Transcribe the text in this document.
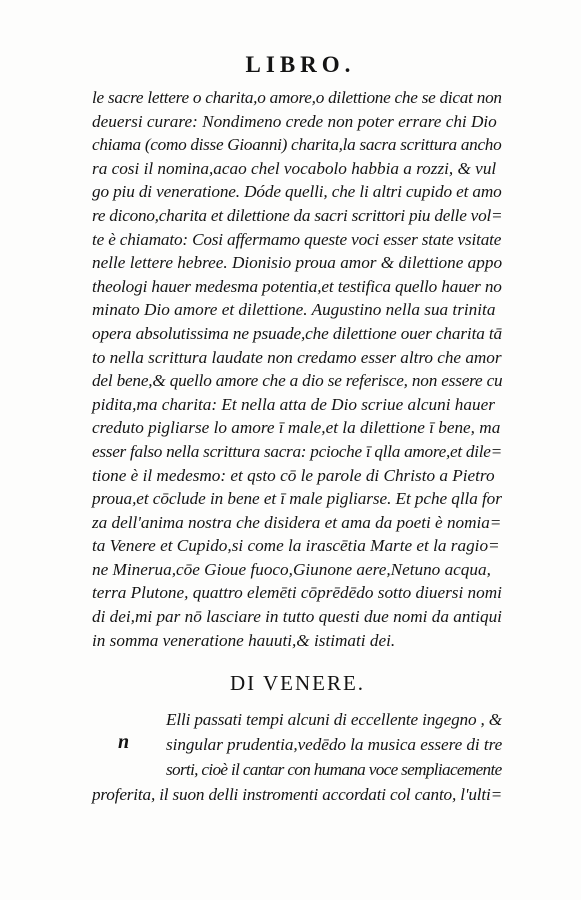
LIBRO.
le sacre lettere o charita,o amore,o dilettione che se dicat non
deuersi curare: Nondimeno crede non poter errare chi Dio
chiama (como disse Gioanni) charita,la sacra scrittura ancho
ra cosi il nomina,acao chel vocabolo habbia a rozzi, & vul
go piu di veneratione. Dóde quelli, che li altri cupido et amo
re dicono,charita et dilettione da sacri scrittori piu delle vol=
te è chiamato: Cosi affermamo queste voci esser state vsitate
nelle lettere hebree. Dionisio proua amor & dilettione appo
theologi hauer medesma potentia,et testifica quello hauer no
minato Dio amore et dilettione. Augustino nella sua trinita
opera absolutissima ne psuade,che dilettione ouer charita tā
to nella scrittura laudate non credamo esser altro che amor
del bene,& quello amore che a dio se referisce, non essere cu
pidita,ma charita: Et nella atta de Dio scriue alcuni hauer
creduto pigliarse lo amore ī male,et la dilettione ī bene, ma
esser falso nella scrittura sacra: pcioche ī qlla amore,et dile=
tione è il medesmo: et qsto cō le parole di Christo a Pietro
proua,et cōclude in bene et ī male pigliarse. Et pche qlla for
za dell'anima nostra che disidera et ama da poeti è nomia=
ta Venere et Cupido,si come la irascētia Marte et la ragio=
ne Minerua,cōe Gioue fuoco,Giunone aere,Netuno acqua,
terra Plutone, quattro elemēti cōprēdēdo sotto diuersi nomi
di dei,mi par nō lasciare in tutto questi due nomi da antiqui
in somma veneratione hauuti,& istimati dei.
DI VENERE.
n
Elli passati tempi alcuni di eccellente ingegno , &
singular prudentia,vedēdo la musica essere di tre
sorti, cioè il cantar con humana voce sempliacemente
proferita, il suon delli instromenti accordati col canto, l'ulti=
